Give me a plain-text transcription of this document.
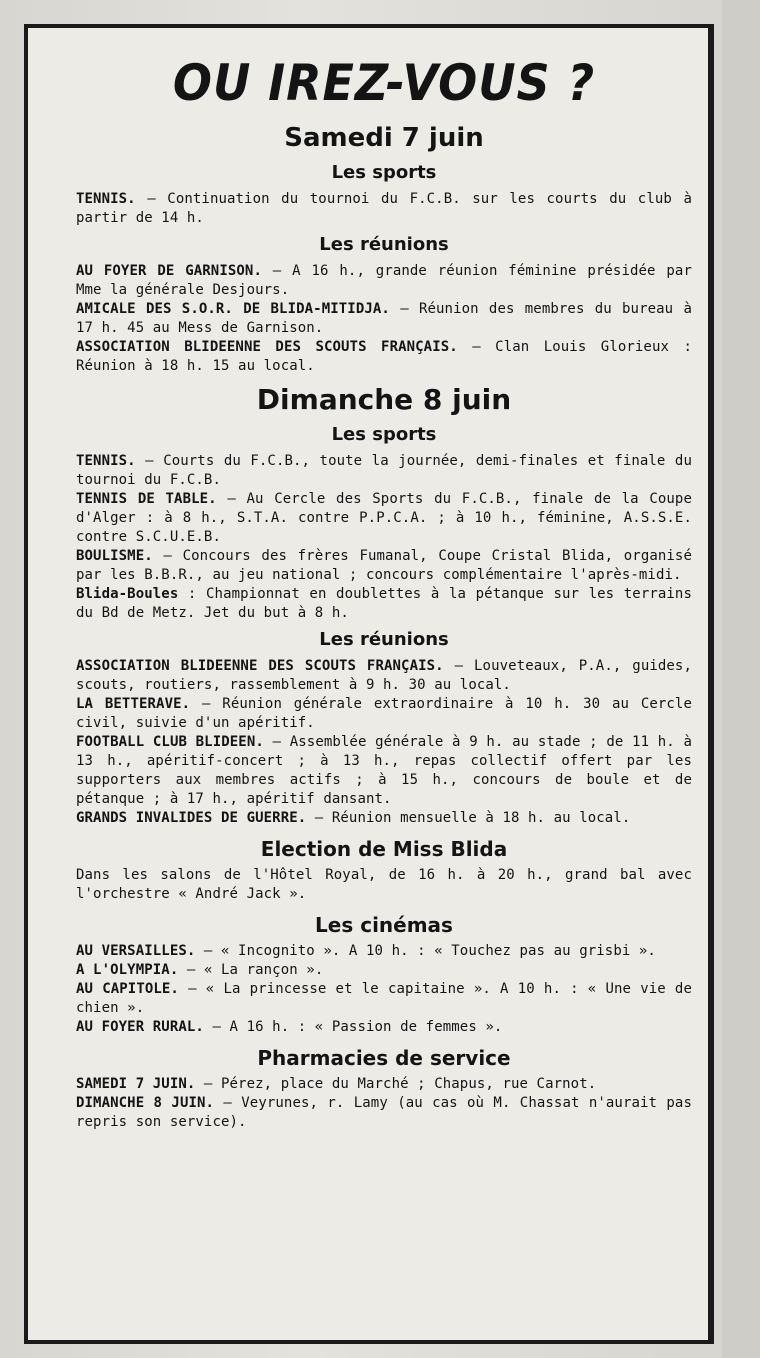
OU IREZ-VOUS ?
Samedi 7 juin
Les sports

TENNIS. — Continuation du tournoi du F.C.B. sur les courts du club à partir de 14 h.

Les réunions

AU FOYER DE GARNISON. — A 16 h., grande réunion féminine présidée par Mme la générale Desjours.

AMICALE DES S.O.R. DE BLIDA-MITIDJA. — Réunion des membres du bureau à 17 h. 45 au Mess de Garnison.

ASSOCIATION BLIDEENNE DES SCOUTS FRANÇAIS. — Clan Louis Glorieux : Réunion à 18 h. 15 au local.

Dimanche 8 juin
Les sports

TENNIS. — Courts du F.C.B., toute la journée, demi-finales et finale du tournoi du F.C.B.

TENNIS DE TABLE. — Au Cercle des Sports du F.C.B., finale de la Coupe d'Alger : à 8 h., S.T.A. contre P.P.C.A. ; à 10 h., féminine, A.S.S.E. contre S.C.U.E.B.

BOULISME. — Concours des frères Fumanal, Coupe Cristal Blida, organisé par les B.B.R., au jeu national ; concours complémentaire l'après-midi.

Blida-Boules : Championnat en doublettes à la pétanque sur les terrains du Bd de Metz. Jet du but à 8 h.

Les réunions

ASSOCIATION BLIDEENNE DES SCOUTS FRANÇAIS. — Louveteaux, P.A., guides, scouts, routiers, rassemblement à 9 h. 30 au local.

LA BETTERAVE. — Réunion générale extraordinaire à 10 h. 30 au Cercle civil, suivie d'un apéritif.

FOOTBALL CLUB BLIDEEN. — Assemblée générale à 9 h. au stade ; de 11 h. à 13 h., apéritif-concert ; à 13 h., repas collectif offert par les supporters aux membres actifs ; à 15 h., concours de boule et de pétanque ; à 17 h., apéritif dansant.

GRANDS INVALIDES DE GUERRE. — Réunion mensuelle à 18 h. au local.

Election de Miss Blida

Dans les salons de l'Hôtel Royal, de 16 h. à 20 h., grand bal avec l'orchestre « André Jack ».

Les cinémas

AU VERSAILLES. — « Incognito ». A 10 h. : « Touchez pas au grisbi ».

A L'OLYMPIA. — « La rançon ».

AU CAPITOLE. — « La princesse et le capitaine ». A 10 h. : « Une vie de chien ».

AU FOYER RURAL. — A 16 h. : « Passion de femmes ».

Pharmacies de service

SAMEDI 7 JUIN. — Pérez, place du Marché ; Chapus, rue Carnot.

DIMANCHE 8 JUIN. — Veyrunes, r. Lamy (au cas où M. Chassat n'aurait pas repris son service).
